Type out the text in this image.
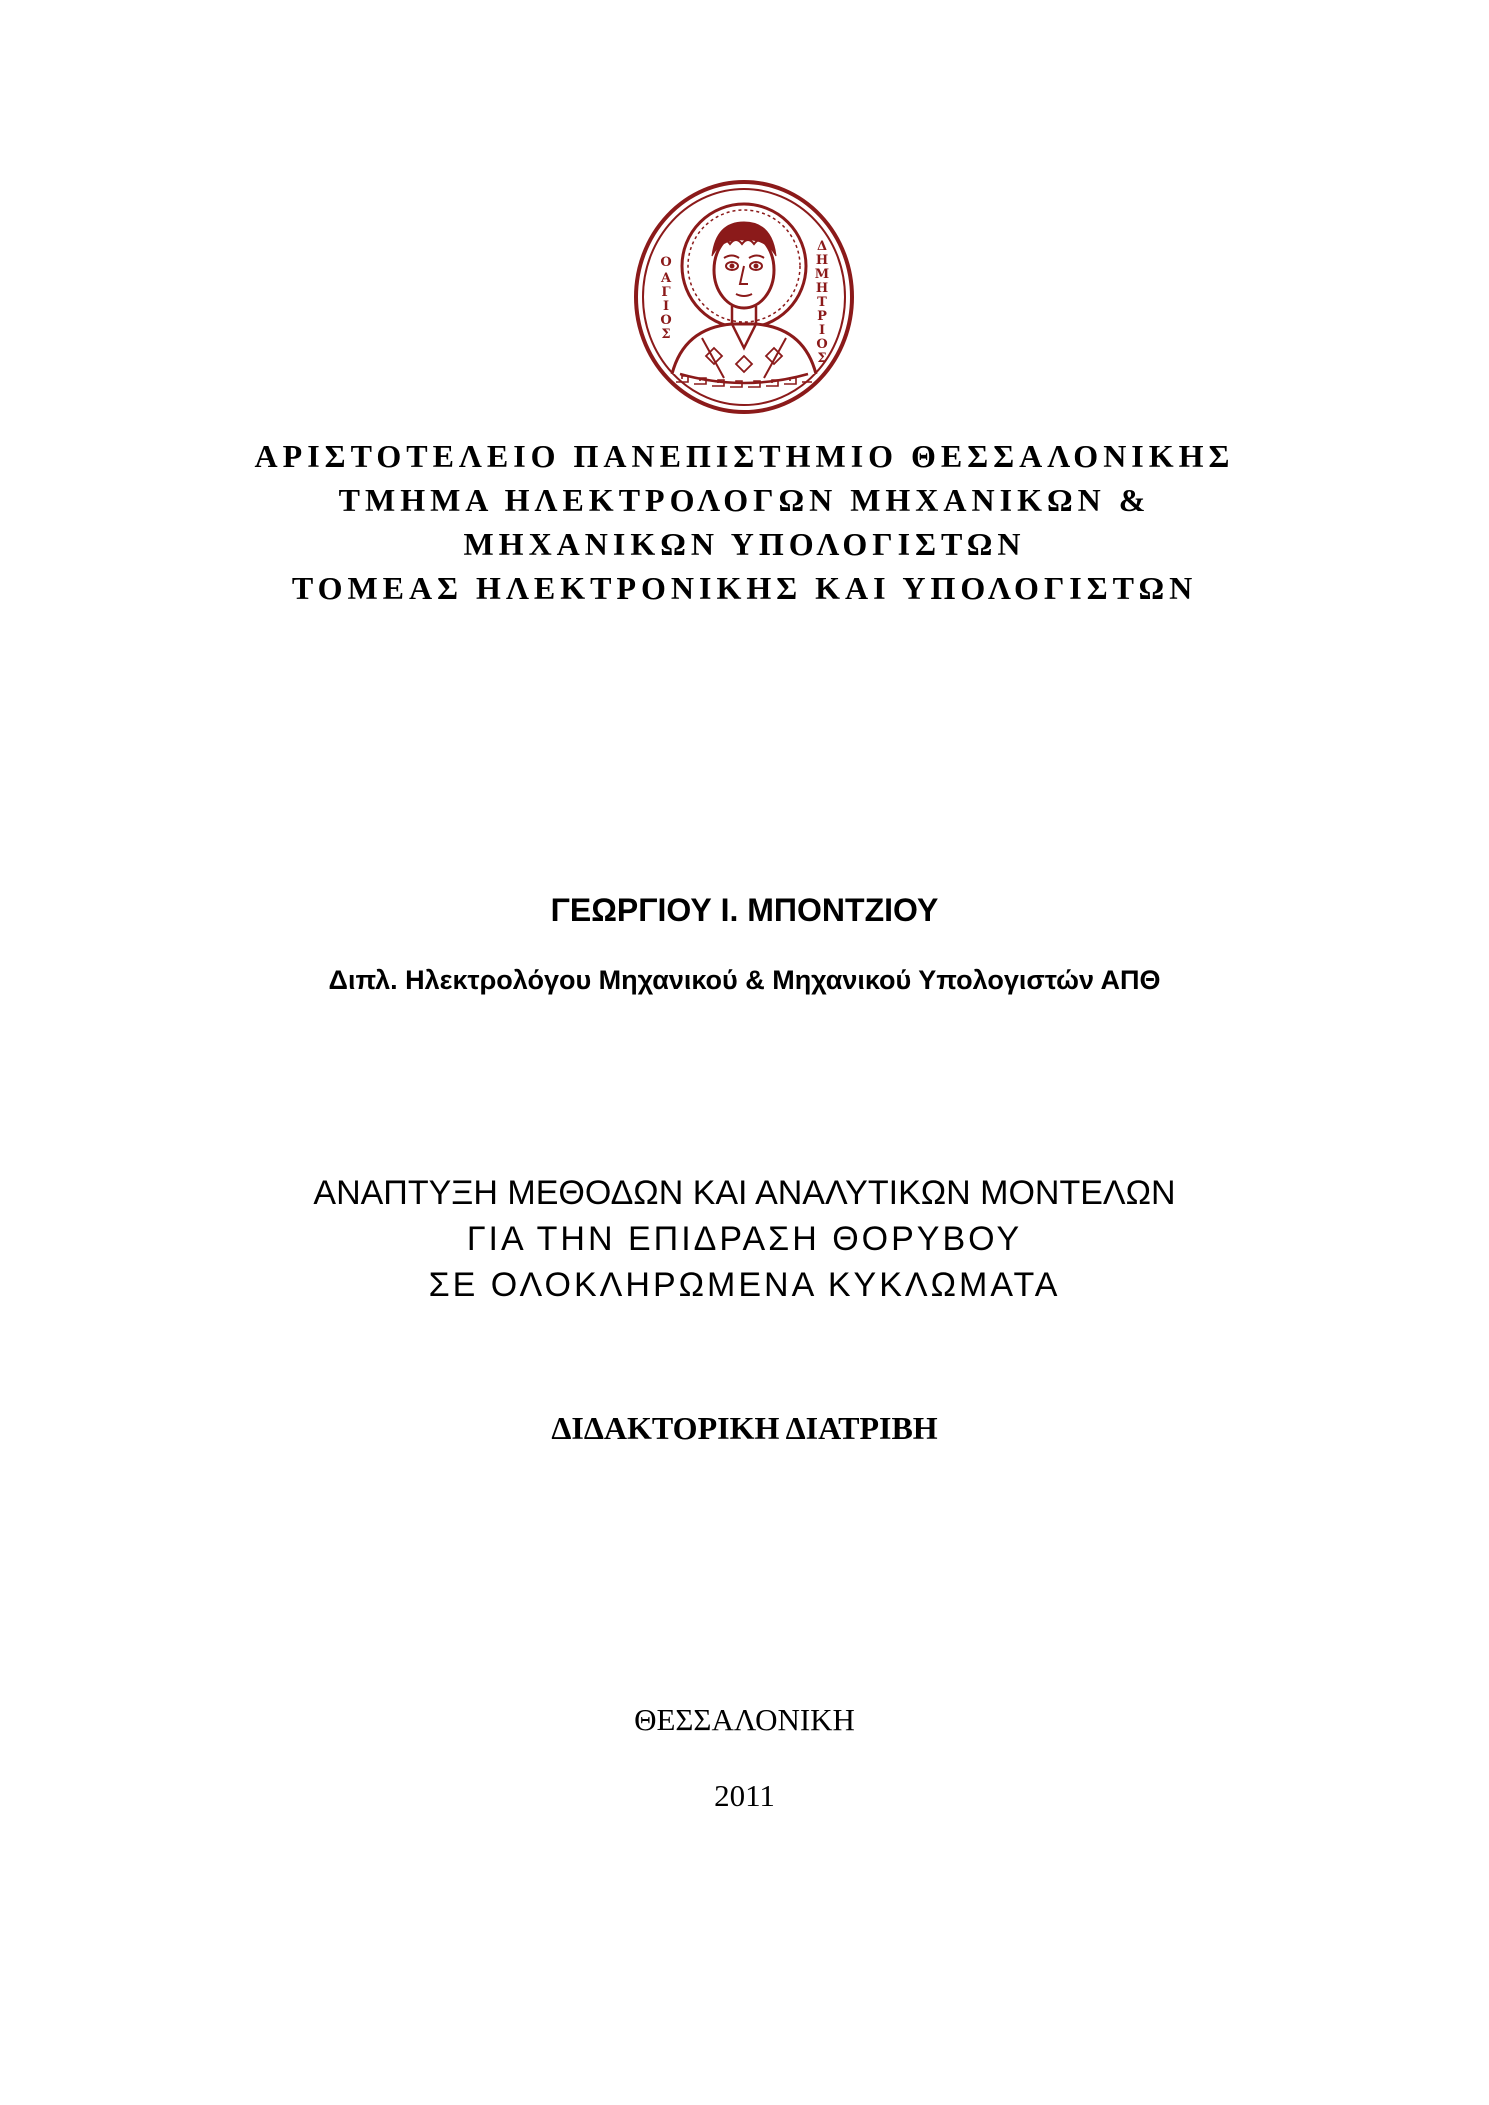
Ο
Α
Γ
Ι
Ο
Σ
Δ
Η
Μ
Η
Τ
Ρ
Ι
Ο
Σ
ΑΡΙΣΤΟΤΕΛΕΙΟ ΠΑΝΕΠΙΣΤΗΜΙΟ ΘΕΣΣΑΛΟΝΙΚΗΣ
ΤΜΗΜΑ ΗΛΕΚΤΡΟΛΟΓΩΝ ΜΗΧΑΝΙΚΩΝ &
ΜΗΧΑΝΙΚΩΝ ΥΠΟΛΟΓΙΣΤΩΝ
ΤΟΜΕΑΣ ΗΛΕΚΤΡΟΝΙΚΗΣ ΚΑΙ ΥΠΟΛΟΓΙΣΤΩΝ
ΓΕΩΡΓΙΟΥ Ι. ΜΠΟΝΤΖΙΟΥ
Διπλ. Ηλεκτρολόγου Μηχανικού & Μηχανικού Υπολογιστών ΑΠΘ
ΑΝΑΠΤΥΞΗ ΜΕΘΟΔΩΝ ΚΑΙ ΑΝΑΛΥΤΙΚΩΝ ΜΟΝΤΕΛΩΝ
ΓΙΑ ΤΗΝ ΕΠΙΔΡΑΣΗ ΘΟΡΥΒΟΥ
ΣΕ ΟΛΟΚΛΗΡΩΜΕΝΑ ΚΥΚΛΩΜΑΤΑ
ΔΙΔΑΚΤΟΡΙΚΗ ΔΙΑΤΡΙΒΗ
ΘΕΣΣΑΛΟΝΙΚΗ
2011
